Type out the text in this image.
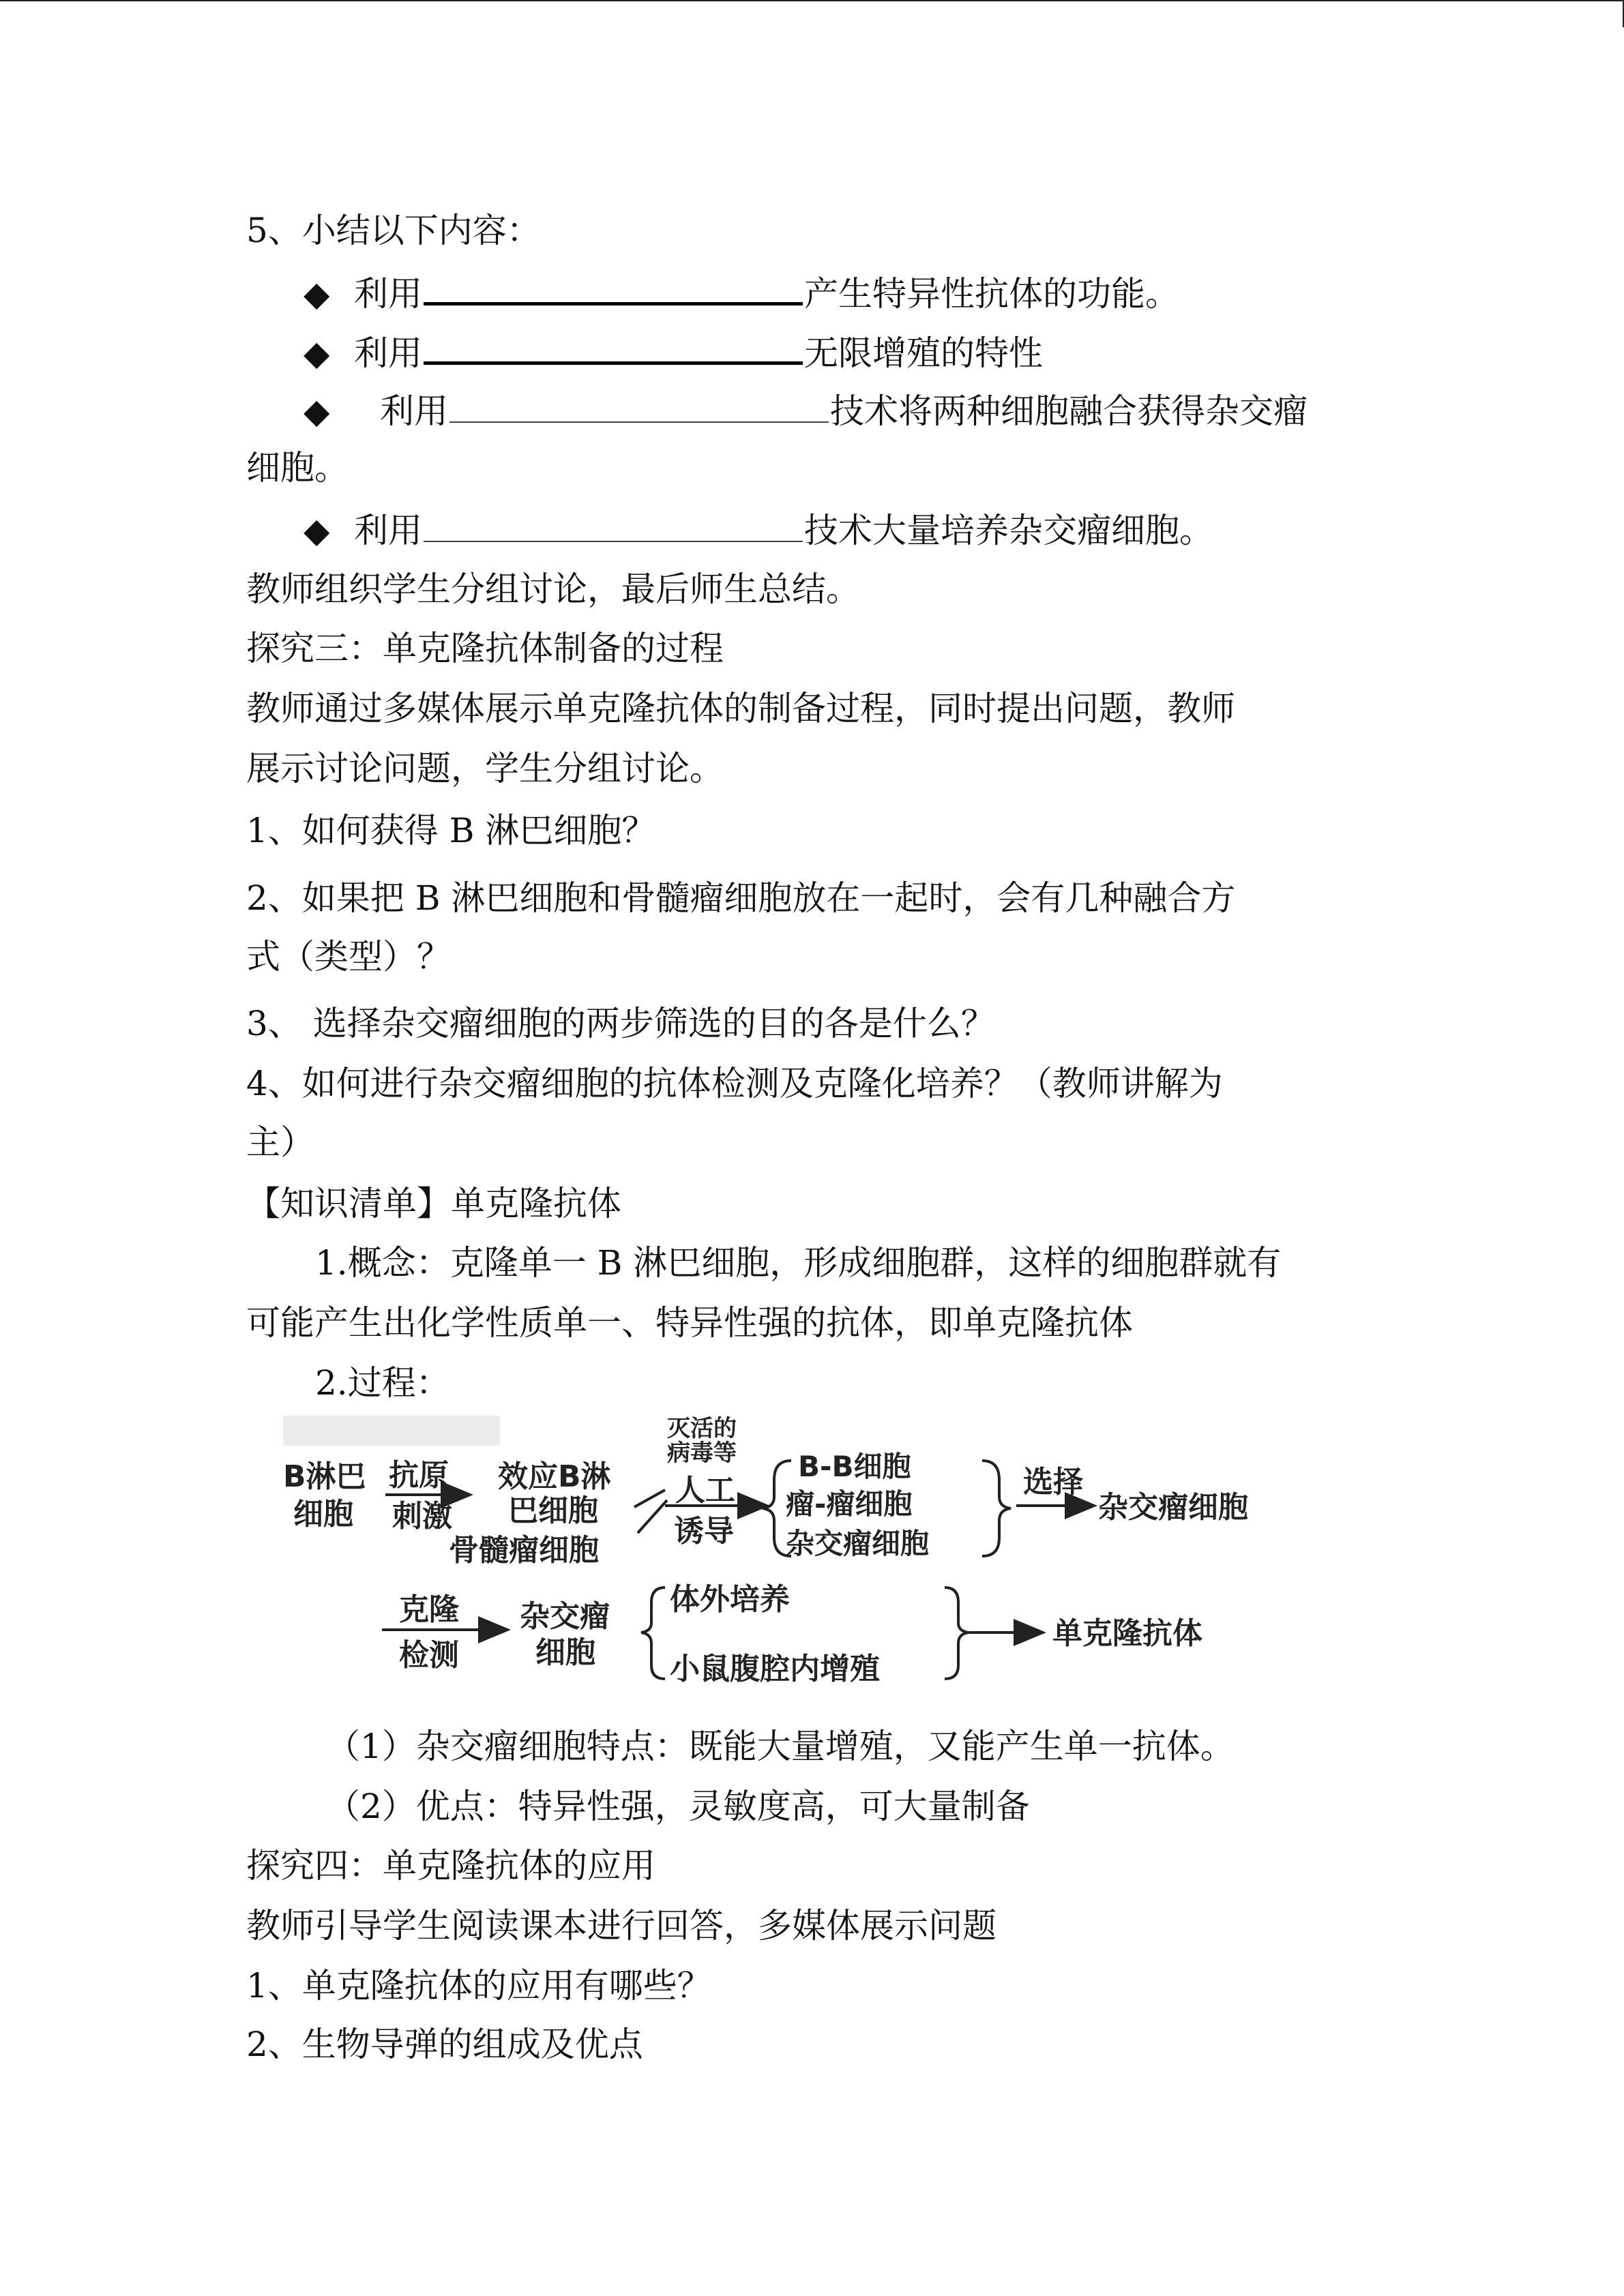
5、小结以下内容：
◆ 利用	产生特异性抗体的功能。
◆ 利用	无限增殖的特性
◆ 利用	技术将两种细胞融合获得杂交瘤
细胞。
◆ 利用	技术大量培养杂交瘤细胞。
教师组织学生分组讨论，最后师生总结。
探究三：单克隆抗体制备的过程
教师通过多媒体展示单克隆抗体的制备过程，同时提出问题，教师
展示讨论问题，学生分组讨论。
1、如何获得 B 淋巴细胞？
2、如果把 B 淋巴细胞和骨髓瘤细胞放在一起时，会有几种融合方
式（类型）？
3、 选择杂交瘤细胞的两步筛选的目的各是什么？
4、如何进行杂交瘤细胞的抗体检测及克隆化培养？（教师讲解为
主）
【知识清单】单克隆抗体
1.概念：克隆单一 B 淋巴细胞，形成细胞群，这样的细胞群就有
可能产生出化学性质单一、特异性强的抗体，即单克隆抗体
2.过程：
B淋巴
细胞
抗原
刺激
效应B淋
巴细胞
骨髓瘤细胞
灭活的
病毒等
人工
诱导
B-B细胞
瘤-瘤细胞
杂交瘤细胞
选择
杂交瘤细胞
克隆
检测
杂交瘤
细胞
体外培养
小鼠腹腔内增殖
单克隆抗体
（1）杂交瘤细胞特点：既能大量增殖，又能产生单一抗体。
（2）优点：特异性强，灵敏度高，可大量制备
探究四：单克隆抗体的应用
教师引导学生阅读课本进行回答，多媒体展示问题
1、单克隆抗体的应用有哪些？
2、生物导弹的组成及优点
